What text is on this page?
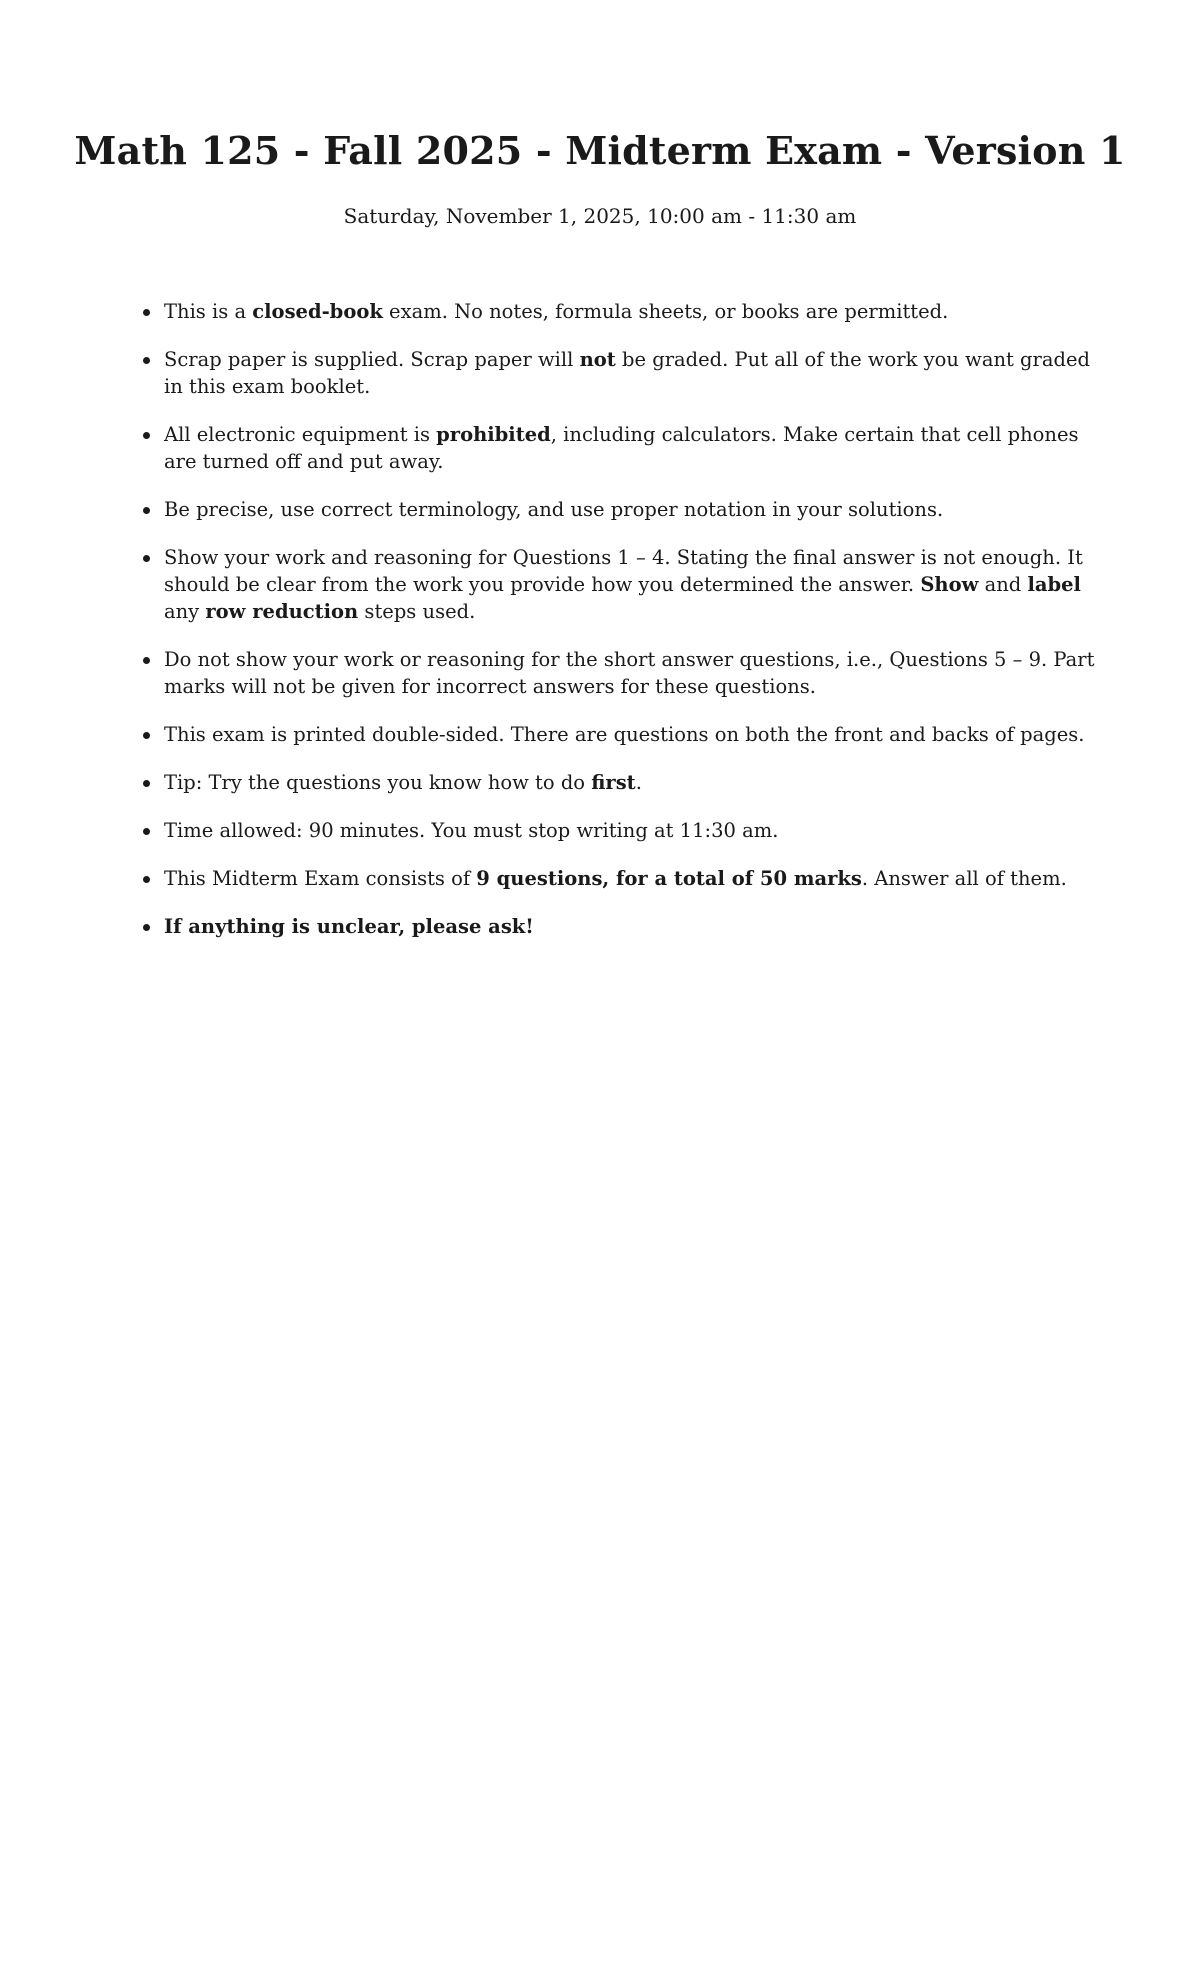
Math 125 - Fall 2025 - Midterm Exam - Version 1

Saturday, November 1, 2025, 10:00 am - 11:30 am

This is a closed-book exam. No notes, formula sheets, or books are permitted.
Scrap paper is supplied. Scrap paper will not be graded. Put all of the work you want graded in this exam booklet.
All electronic equipment is prohibited, including calculators. Make certain that cell phones are turned off and put away.
Be precise, use correct terminology, and use proper notation in your solutions.
Show your work and reasoning for Questions 1 – 4. Stating the final answer is not enough. It should be clear from the work you provide how you determined the answer. Show and label any row reduction steps used.
Do not show your work or reasoning for the short answer questions, i.e., Questions 5 – 9. Part marks will not be given for incorrect answers for these questions.
This exam is printed double-sided. There are questions on both the front and backs of pages.
Tip: Try the questions you know how to do first.
Time allowed: 90 minutes. You must stop writing at 11:30 am.
This Midterm Exam consists of 9 questions, for a total of 50 marks. Answer all of them.
If anything is unclear, please ask!
